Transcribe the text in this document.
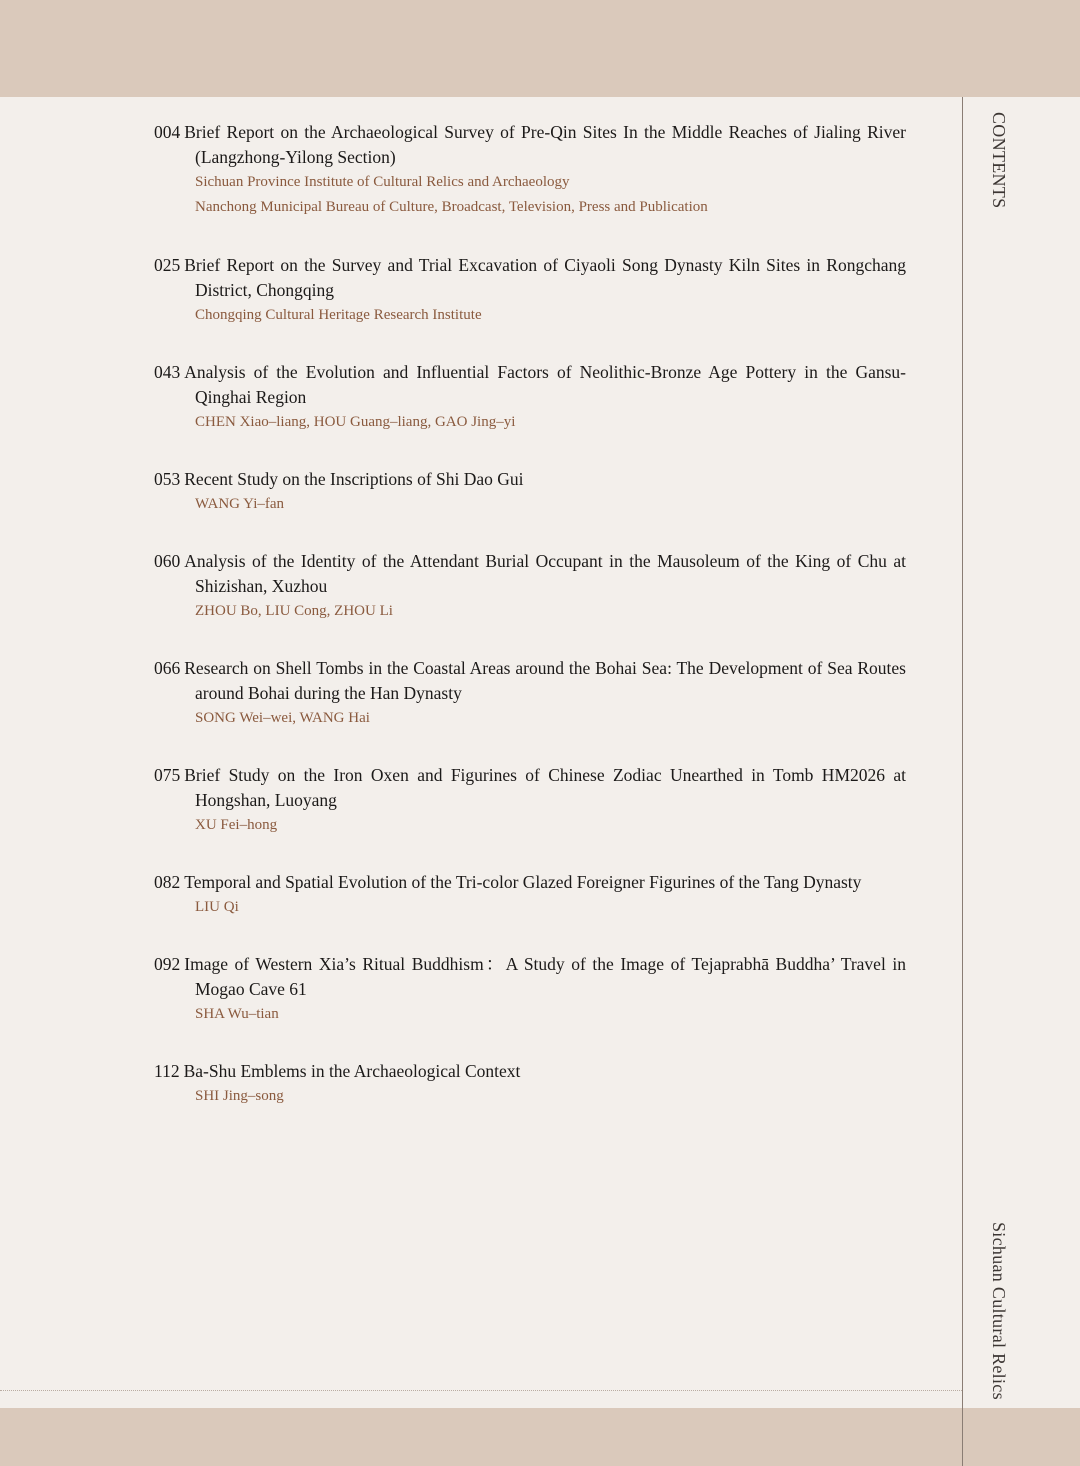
CONTENTS
Sichuan Cultural Relics
004 Brief Report on the Archaeological Survey of Pre-Qin Sites In the Middle Reaches of Jialing River (Langzhong-Yilong Section)
Sichuan Province Institute of Cultural Relics and Archaeology
Nanchong Municipal Bureau of Culture, Broadcast, Television, Press and Publication
025 Brief Report on the Survey and Trial Excavation of Ciyaoli Song Dynasty Kiln Sites in Rongchang District, Chongqing
Chongqing Cultural Heritage Research Institute
043 Analysis of the Evolution and Influential Factors of Neolithic-Bronze Age Pottery in the Gansu-Qinghai Region
CHEN Xiao–liang, HOU Guang–liang, GAO Jing–yi
053 Recent Study on the Inscriptions of Shi Dao Gui
WANG Yi–fan
060 Analysis of the Identity of the Attendant Burial Occupant in the Mausoleum of the King of Chu at Shizishan, Xuzhou
ZHOU Bo, LIU Cong, ZHOU Li
066 Research on Shell Tombs in the Coastal Areas around the Bohai Sea: The Development of Sea Routes around Bohai during the Han Dynasty
SONG Wei–wei, WANG Hai
075 Brief Study on the Iron Oxen and Figurines of Chinese Zodiac Unearthed in Tomb HM2026 at Hongshan, Luoyang
XU Fei–hong
082 Temporal and Spatial Evolution of the Tri-color Glazed Foreigner Figurines of the Tang Dynasty
LIU Qi
092 Image of Western Xia’s Ritual Buddhism：A Study of the Image of Tejaprabhā Buddha’ Travel in Mogao Cave 61
SHA Wu–tian
112 Ba-Shu Emblems in the Archaeological Context
SHI Jing–song
